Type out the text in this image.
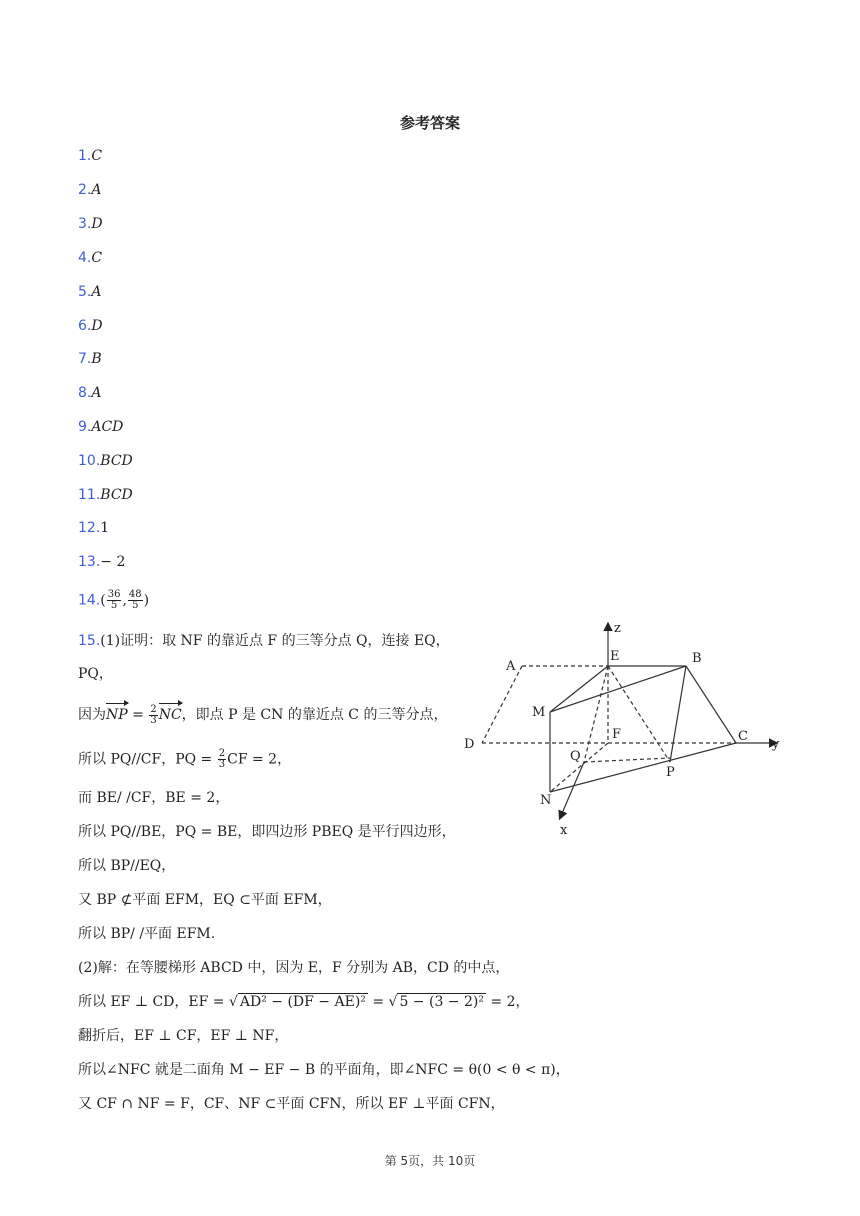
参考答案
1.C
2.A
3.D
4.C
5.A
6.D
7.B
8.A
9.ACD
10.BCD
11.BCD
12.1
13.− 2
$14.( \frac{36}{5}$ , $\frac{48}{5}$ )
15.(1)证明：取 NF 的靠近点 F 的三等分点 Q，连接 EQ，
PQ，
因为NP = $\frac{2}{3}$ NC，即点 P 是 CN 的靠近点 C 的三等分点，
所以 PQ//CF，PQ = $\frac{2}{3}$ CF = 2，
而 BE/ /CF，BE = 2，
所以 PQ//BE，PQ = BE，即四边形 PBEQ 是平行四边形，
所以 BP//EQ，
又 BP ⊄平面 EFM，EQ ⊂平面 EFM，
所以 BP/ /平面 EFM.
(2)解：在等腰梯形 ABCD 中，因为 E，F 分别为 AB，CD 的中点，
所以 EF ⊥ CD，EF = √ AD² − (DF − AE)² = √ 5 − (3 − 2)² = 2，
翻折后，EF ⊥ CF，EF ⊥ NF，
所以∠NFC 就是二面角 M − EF − B 的平面角，即∠NFC = θ(0 < θ < π)，
又 CF ∩ NF = F，CF、NF ⊂平面 CFN，所以 EF ⊥平面 CFN，
z
E	B
A
M
F
D
C
y
Q
P
N
x
第 5页，共 10页
